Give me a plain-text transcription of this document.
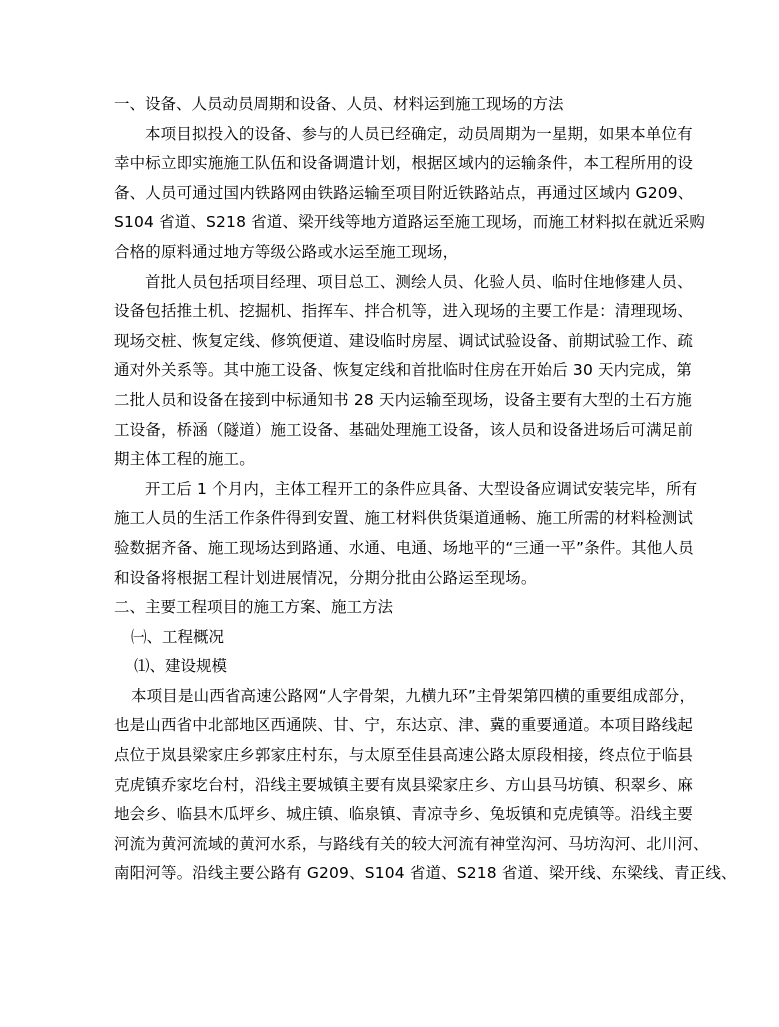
一、设备、人员动员周期和设备、人员、材料运到施工现场的方法
本项目拟投入的设备、参与的人员已经确定，动员周期为一星期，如果本单位有
幸中标立即实施施工队伍和设备调遣计划，根据区域内的运输条件，本工程所用的设
备、人员可通过国内铁路网由铁路运输至项目附近铁路站点，再通过区域内 G209、
S104 省道、S218 省道、梁开线等地方道路运至施工现场，而施工材料拟在就近采购
合格的原料通过地方等级公路或水运至施工现场，
首批人员包括项目经理、项目总工、测绘人员、化验人员、临时住地修建人员、
设备包括推土机、挖掘机、指挥车、拌合机等，进入现场的主要工作是：清理现场、
现场交桩、恢复定线、修筑便道、建设临时房屋、调试试验设备、前期试验工作、疏
通对外关系等。其中施工设备、恢复定线和首批临时住房在开始后 30 天内完成，第
二批人员和设备在接到中标通知书 28 天内运输至现场，设备主要有大型的土石方施
工设备，桥涵（隧道）施工设备、基础处理施工设备，该人员和设备进场后可满足前
期主体工程的施工。
开工后 1 个月内，主体工程开工的条件应具备、大型设备应调试安装完毕，所有
施工人员的生活工作条件得到安置、施工材料供货渠道通畅、施工所需的材料检测试
验数据齐备、施工现场达到路通、水通、电通、场地平的“三通一平”条件。其他人员
和设备将根据工程计划进展情况，分期分批由公路运至现场。
二、主要工程项目的施工方案、施工方法
㈠、工程概况
⑴、建设规模
本项目是山西省高速公路网“人字骨架，九横九环”主骨架第四横的重要组成部分，
也是山西省中北部地区西通陕、甘、宁，东达京、津、冀的重要通道。本项目路线起
点位于岚县梁家庄乡郭家庄村东，与太原至佳县高速公路太原段相接，终点位于临县
克虎镇乔家圪台村，沿线主要城镇主要有岚县梁家庄乡、方山县马坊镇、积翠乡、麻
地会乡、临县木瓜坪乡、城庄镇、临泉镇、青凉寺乡、兔坂镇和克虎镇等。沿线主要
河流为黄河流域的黄河水系，与路线有关的较大河流有神堂沟河、马坊沟河、北川河、
南阳河等。沿线主要公路有 G209、S104 省道、S218 省道、梁开线、东梁线、青正线、
